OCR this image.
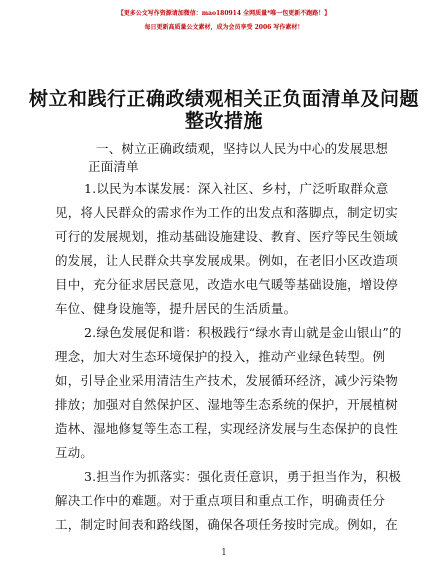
【更多公文写作资源请加微信：mao180914 全网质量*唯一包更新不跑路！】
每日更新高质量公文素材，成为会员享受 2006 写作素材！
树立和践行正确政绩观相关正负面清单及问题
整改措施
一、树立正确政绩观，坚持以人民为中心的发展思想
正面清单
1.以民为本谋发展：深入社区、乡村，广泛听取群众意
见，将人民群众的需求作为工作的出发点和落脚点，制定切实
可行的发展规划，推动基础设施建设、教育、医疗等民生领域
的发展，让人民群众共享发展成果。例如，在老旧小区改造项
目中，充分征求居民意见，改造水电气暖等基础设施，增设停
车位、健身设施等，提升居民的生活质量。
2.绿色发展促和谐：积极践行“绿水青山就是金山银山”的
理念，加大对生态环境保护的投入，推动产业绿色转型。例
如，引导企业采用清洁生产技术，发展循环经济，减少污染物
排放；加强对自然保护区、湿地等生态系统的保护，开展植树
造林、湿地修复等生态工程，实现经济发展与生态保护的良性
互动。
3.担当作为抓落实：强化责任意识，勇于担当作为，积极
解决工作中的难题。对于重点项目和重点工作，明确责任分
工，制定时间表和路线图，确保各项任务按时完成。例如，在
1
